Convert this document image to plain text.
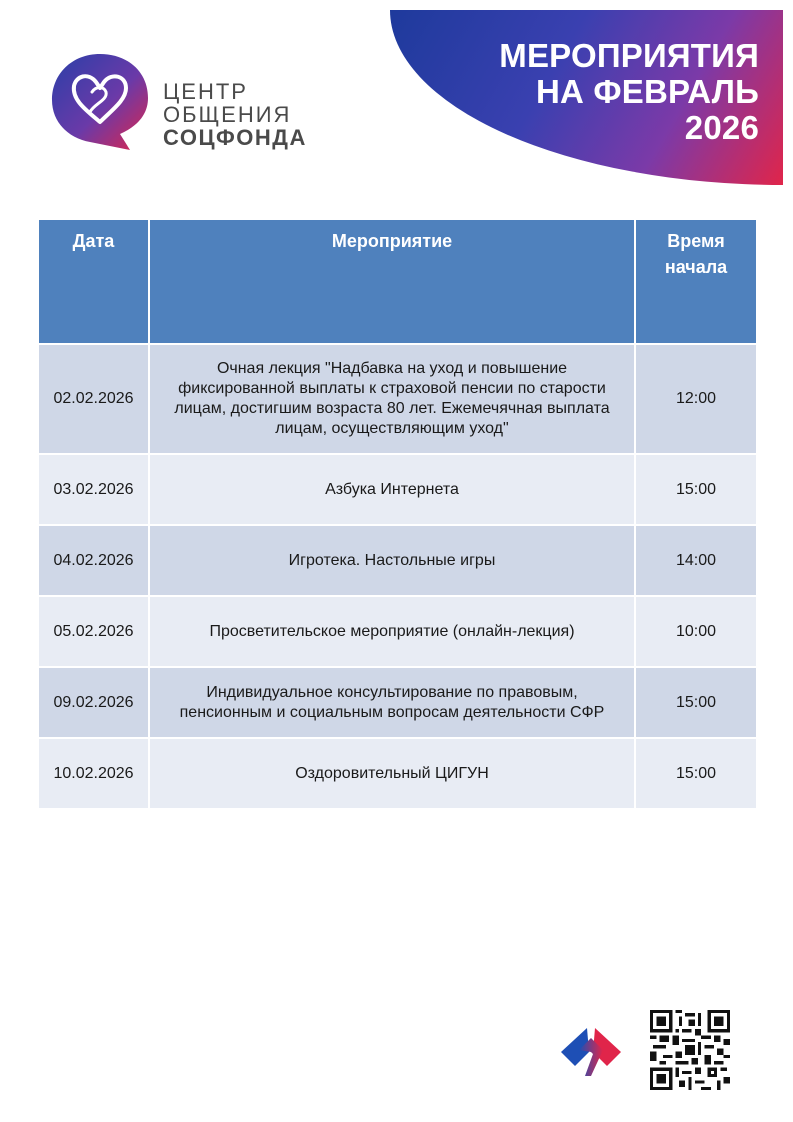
МЕРОПРИЯТИЯ
НА ФЕВРАЛЬ
2026
ЦЕНТР
ОБЩЕНИЯ
СОЦФОНДА
Дата	Мероприятие	Время начала
02.02.2026	Очная лекция "Надбавка на уход и повышение фиксированной выплаты к страховой пенсии по старости лицам, достигшим возраста 80 лет. Ежемечячная выплата лицам, осуществляющим уход"	12:00
03.02.2026	Азбука Интернета	15:00
04.02.2026	Игротека. Настольные игры	14:00
05.02.2026	Просветительское мероприятие (онлайн-лекция)	10:00
09.02.2026	Индивидуальное консультирование по правовым, пенсионным и социальным вопросам деятельности СФР	15:00
10.02.2026	Оздоровительный ЦИГУН	15:00
